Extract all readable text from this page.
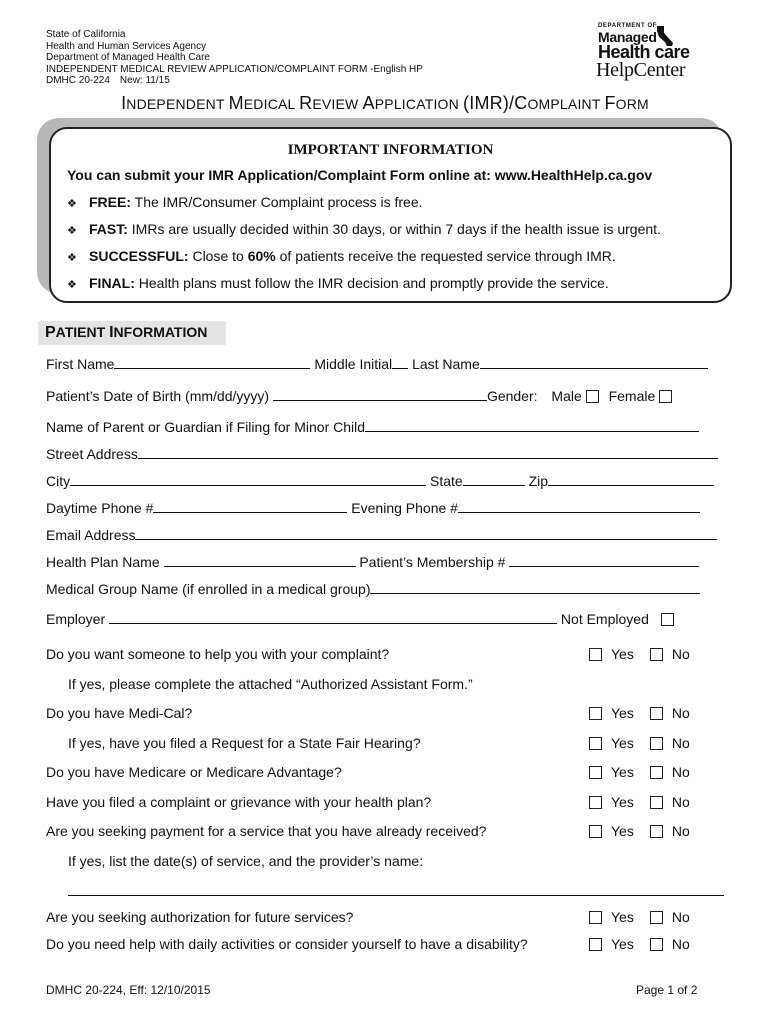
State of California
Health and Human Services Agency
Department of Managed Health Care
INDEPENDENT MEDICAL REVIEW APPLICATION/COMPLAINT FORM -English HP
DMHC 20-224 New: 11/15
DEPARTMENT OF
Managed
Health care
HelpCenter
INDEPENDENT MEDICAL REVIEW APPLICATION (IMR)/COMPLAINT FORM
IMPORTANT INFORMATION
You can submit your IMR Application/Complaint Form online at: www.HealthHelp.ca.gov
❖ FREE: The IMR/Consumer Complaint process is free.
❖ FAST: IMRs are usually decided within 30 days, or within 7 days if the health issue is urgent.
❖ SUCCESSFUL: Close to 60% of patients receive the requested service through IMR.
❖ FINAL: Health plans must follow the IMR decision and promptly provide the service.
PATIENT INFORMATION
First Name	Middle Initial Last Name
Patient’s Date of Birth (mm/dd/yyyy)	Gender: Male Female
Name of Parent or Guardian if Filing for Minor Child
Street Address
City	State	Zip
Daytime Phone #	Evening Phone #
Email Address
Health Plan Name	Patient’s Membership #
Medical Group Name (if enrolled in a medical group)
Employer	Not Employed
Do you want someone to help you with your complaint?	Yes	No
If yes, please complete the attached “Authorized Assistant Form.”
Do you have Medi-Cal?	Yes	No
If yes, have you filed a Request for a State Fair Hearing?	Yes	No
Do you have Medicare or Medicare Advantage?	Yes	No
Have you filed a complaint or grievance with your health plan?	Yes	No
Are you seeking payment for a service that you have already received?	Yes	No
If yes, list the date(s) of service, and the provider’s name:
Are you seeking authorization for future services?	Yes	No
Do you need help with daily activities or consider yourself to have a disability?	Yes	No
DMHC 20-224, Eff: 12/10/2015	Page 1 of 2
